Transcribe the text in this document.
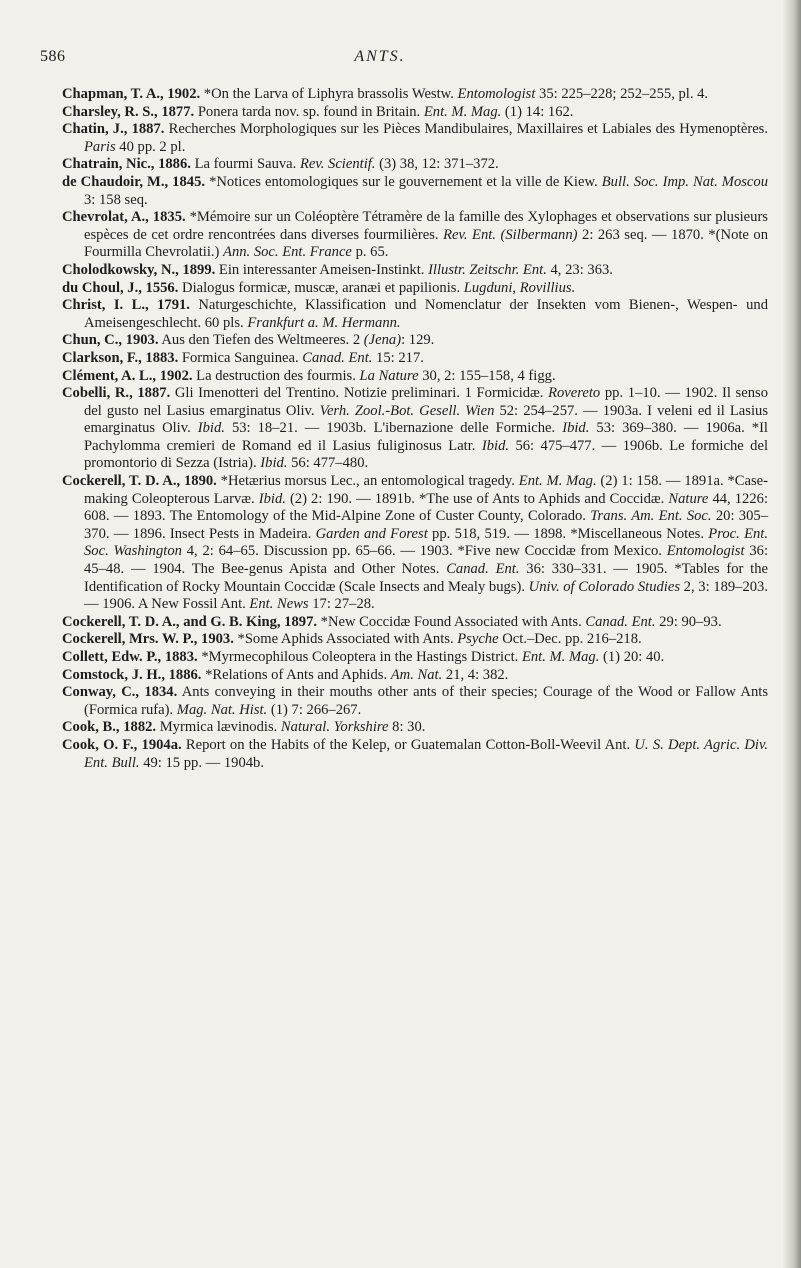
586	ANTS.

Chapman, T. A., 1902. *On the Larva of Liphyra brassolis Westw. Entomologist 35: 225–228; 252–255, pl. 4.

Charsley, R. S., 1877. Ponera tarda nov. sp. found in Britain. Ent. M. Mag. (1) 14: 162.

Chatin, J., 1887. Recherches Morphologiques sur les Pièces Mandibulaires, Maxillaires et Labiales des Hymenoptères. Paris 40 pp. 2 pl.

Chatrain, Nic., 1886. La fourmi Sauva. Rev. Scientif. (3) 38, 12: 371–372.

de Chaudoir, M., 1845. *Notices entomologiques sur le gouvernement et la ville de Kiew. Bull. Soc. Imp. Nat. Moscou 3: 158 seq.

Chevrolat, A., 1835. *Mémoire sur un Coléoptère Tétramère de la famille des Xylophages et observations sur plusieurs espèces de cet ordre rencontrées dans diverses fourmilières. Rev. Ent. (Silbermann) 2: 263 seq. — 1870. *(Note on Fourmilla Chevrolatii.) Ann. Soc. Ent. France p. 65.

Cholodkowsky, N., 1899. Ein interessanter Ameisen-Instinkt. Illustr. Zeitschr. Ent. 4, 23: 363.

du Choul, J., 1556. Dialogus formicæ, muscæ, aranæi et papilionis. Lugduni, Rovillius.

Christ, I. L., 1791. Naturgeschichte, Klassification und Nomenclatur der Insekten vom Bienen-, Wespen- und Ameisengeschlecht. 60 pls. Frankfurt a. M. Hermann.

Chun, C., 1903. Aus den Tiefen des Weltmeeres. 2 (Jena): 129.

Clarkson, F., 1883. Formica Sanguinea. Canad. Ent. 15: 217.

Clément, A. L., 1902. La destruction des fourmis. La Nature 30, 2: 155–158, 4 figg.

Cobelli, R., 1887. Gli Imenotteri del Trentino. Notizie preliminari. 1 Formicidæ. Rovereto pp. 1–10. — 1902. Il senso del gusto nel Lasius emarginatus Oliv. Verh. Zool.-Bot. Gesell. Wien 52: 254–257. — 1903a. I veleni ed il Lasius emarginatus Oliv. Ibid. 53: 18–21. — 1903b. L'ibernazione delle Formiche. Ibid. 53: 369–380. — 1906a. *Il Pachylomma cremieri de Romand ed il Lasius fuliginosus Latr. Ibid. 56: 475–477. — 1906b. Le formiche del promontorio di Sezza (Istria). Ibid. 56: 477–480.

Cockerell, T. D. A., 1890. *Hetærius morsus Lec., an entomological tragedy. Ent. M. Mag. (2) 1: 158. — 1891a. *Case-making Coleopterous Larvæ. Ibid. (2) 2: 190. — 1891b. *The use of Ants to Aphids and Coccidæ. Nature 44, 1226: 608. — 1893. The Entomology of the Mid-Alpine Zone of Custer County, Colorado. Trans. Am. Ent. Soc. 20: 305–370. — 1896. Insect Pests in Madeira. Garden and Forest pp. 518, 519. — 1898. *Miscellaneous Notes. Proc. Ent. Soc. Washington 4, 2: 64–65. Discussion pp. 65–66. — 1903. *Five new Coccidæ from Mexico. Entomologist 36: 45–48. — 1904. The Bee-genus Apista and Other Notes. Canad. Ent. 36: 330–331. — 1905. *Tables for the Identification of Rocky Mountain Coccidæ (Scale Insects and Mealy bugs). Univ. of Colorado Studies 2, 3: 189–203. — 1906. A New Fossil Ant. Ent. News 17: 27–28.

Cockerell, T. D. A., and G. B. King, 1897. *New Coccidæ Found Associated with Ants. Canad. Ent. 29: 90–93.

Cockerell, Mrs. W. P., 1903. *Some Aphids Associated with Ants. Psyche Oct.–Dec. pp. 216–218.

Collett, Edw. P., 1883. *Myrmecophilous Coleoptera in the Hastings District. Ent. M. Mag. (1) 20: 40.

Comstock, J. H., 1886. *Relations of Ants and Aphids. Am. Nat. 21, 4: 382.

Conway, C., 1834. Ants conveying in their mouths other ants of their species; Courage of the Wood or Fallow Ants (Formica rufa). Mag. Nat. Hist. (1) 7: 266–267.

Cook, B., 1882. Myrmica lævinodis. Natural. Yorkshire 8: 30.

Cook, O. F., 1904a. Report on the Habits of the Kelep, or Guatemalan Cotton-Boll-Weevil Ant. U. S. Dept. Agric. Div. Ent. Bull. 49: 15 pp. — 1904b.
